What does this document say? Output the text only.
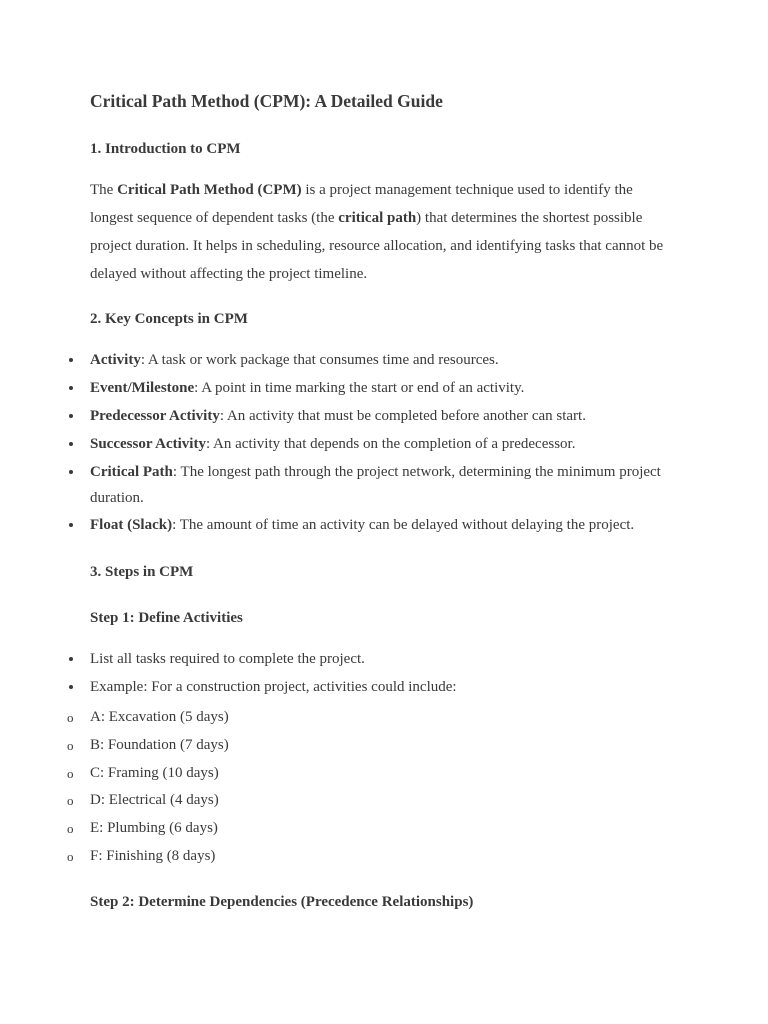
Critical Path Method (CPM): A Detailed Guide
1. Introduction to CPM

The Critical Path Method (CPM) is a project management technique used to identify the
longest sequence of dependent tasks (the critical path) that determines the shortest possible
project duration. It helps in scheduling, resource allocation, and identifying tasks that cannot be
delayed without affecting the project timeline.

2. Key Concepts in CPM
Activity: A task or work package that consumes time and resources.
Event/Milestone: A point in time marking the start or end of an activity.
Predecessor Activity: An activity that must be completed before another can start.
Successor Activity: An activity that depends on the completion of a predecessor.
Critical Path: The longest path through the project network, determining the minimum project
duration.
Float (Slack): The amount of time an activity can be delayed without delaying the project.
3. Steps in CPM
Step 1: Define Activities
List all tasks required to complete the project.
Example: For a construction project, activities could include:
o A: Excavation (5 days)
o B: Foundation (7 days)
o C: Framing (10 days)
o D: Electrical (4 days)
o E: Plumbing (6 days)
o F: Finishing (8 days)
Step 2: Determine Dependencies (Precedence Relationships)
